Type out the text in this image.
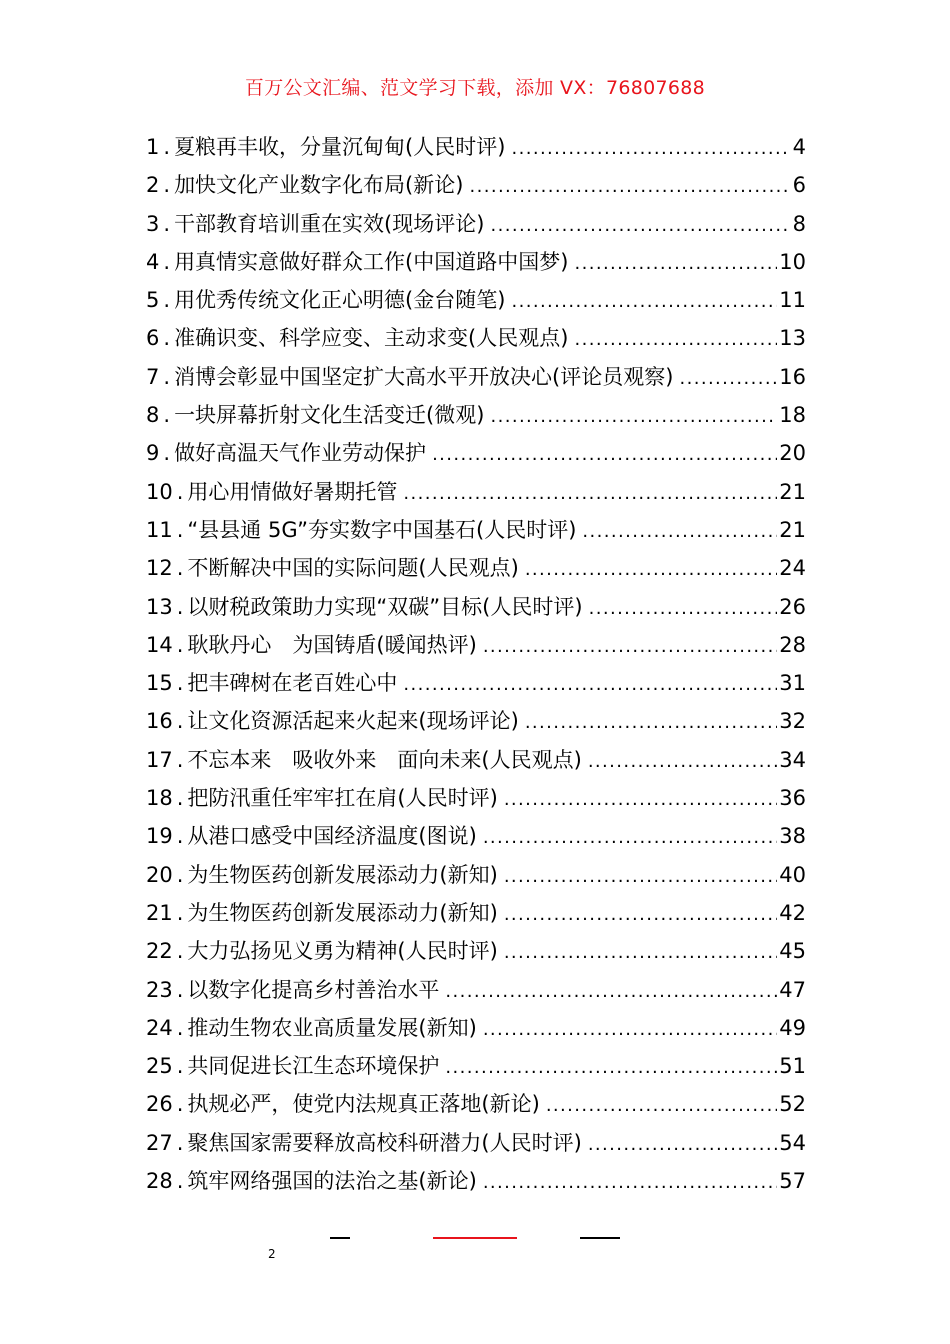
百万公文汇编、范文学习下载，添加 VX：76807688
1 . 夏粮再丰收，分量沉甸甸(人民时评) .....	4
2 . 加快文化产业数字化布局(新论) .....	6
3 . 干部教育培训重在实效(现场评论) .....	8
4 . 用真情实意做好群众工作(中国道路中国梦) .....	10
5 . 用优秀传统文化正心明德(金台随笔) .....	11
6 . 准确识变、科学应变、主动求变(人民观点) .....	13
7 . 消博会彰显中国坚定扩大高水平开放决心(评论员观察) .....	16
8 . 一块屏幕折射文化生活变迁(微观) .....	18
9 . 做好高温天气作业劳动保护 .....	20
10 . 用心用情做好暑期托管 .....	21
11 . “县县通 5G”夯实数字中国基石(人民时评) .....	21
12 . 不断解决中国的实际问题(人民观点) .....	24
13 . 以财税政策助力实现“双碳”目标(人民时评) .....	26
14 . 耿耿丹心　为国铸盾(暖闻热评) .....	28
15 . 把丰碑树在老百姓心中 .....	31
16 . 让文化资源活起来火起来(现场评论) .....	32
17 . 不忘本来　吸收外来　面向未来(人民观点) .....	34
18 . 把防汛重任牢牢扛在肩(人民时评) .....	36
19 . 从港口感受中国经济温度(图说) .....	38
20 . 为生物医药创新发展添动力(新知) .....	40
21 . 为生物医药创新发展添动力(新知) .....	42
22 . 大力弘扬见义勇为精神(人民时评) .....	45
23 . 以数字化提高乡村善治水平 .....	47
24 . 推动生物农业高质量发展(新知) .....	49
25 . 共同促进长江生态环境保护 .....	51
26 . 执规必严，使党内法规真正落地(新论) .....	52
27 . 聚焦国家需要释放高校科研潜力(人民时评) .....	54
28 . 筑牢网络强国的法治之基(新论) .....	57
2
